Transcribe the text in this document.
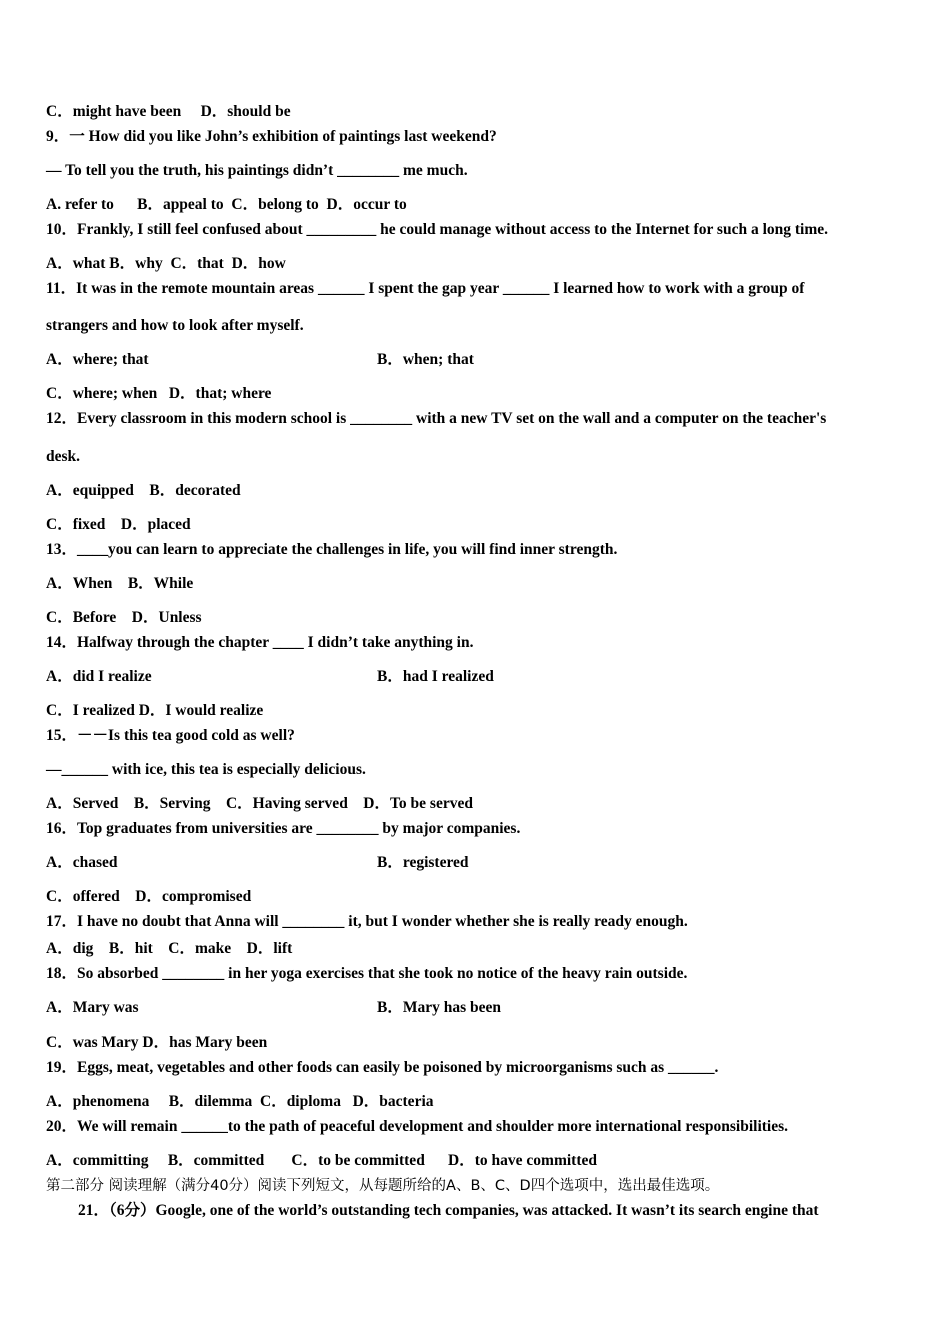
C．might have been     D．should be
9．一 How did you like John’s exhibition of paintings last weekend?
— To tell you the truth, his paintings didn’t ________ me much.
A. refer to      B．appeal to  C．belong to  D．occur to
10．Frankly, I still feel confused about _________ he could manage without access to the Internet for such a long time.
A．what B．why  C．that  D．how
11．It was in the remote mountain areas ______ I spent the gap year ______ I learned how to work with a group of
strangers and how to look after myself.
A．where; that	B．when; that
C．where; when   D．that; where
12．Every classroom in this modern school is ________ with a new TV set on the wall and a computer on the teacher's
desk.
A．equipped    B．decorated
C．fixed    D．placed
13．____you can learn to appreciate the challenges in life, you will find inner strength.
A．When    B．While
C．Before    D．Unless
14．Halfway through the chapter ____ I didn’t take anything in.
A．did I realize	B．had I realized
C．I realized D．I would realize
15．－－Is this tea good cold as well?
—______ with ice, this tea is especially delicious.
A．Served    B．Serving    C．Having served    D．To be served
16．Top graduates from universities are ________ by major companies.
A．chased	B．registered
C．offered    D．compromised
17．I have no doubt that Anna will ________ it, but I wonder whether she is really ready enough.
A．dig    B．hit    C．make    D．lift
18．So absorbed ________ in her yoga exercises that she took no notice of the heavy rain outside.
A．Mary was	B．Mary has been
C．was Mary D．has Mary been
19．Eggs, meat, vegetables and other foods can easily be poisoned by microorganisms such as ______.
A．phenomena     B．dilemma  C．diploma   D．bacteria
20．We will remain ______to the path of peaceful development and shoulder more international responsibilities.
A．committing     B．committed       C．to be committed      D．to have committed
第二部分 阅读理解（满分40分）阅读下列短文，从每题所给的A、B、C、D四个选项中，选出最佳选项。
21．（6分）Google, one of the world’s outstanding tech companies, was attacked. It wasn’t its search engine that
